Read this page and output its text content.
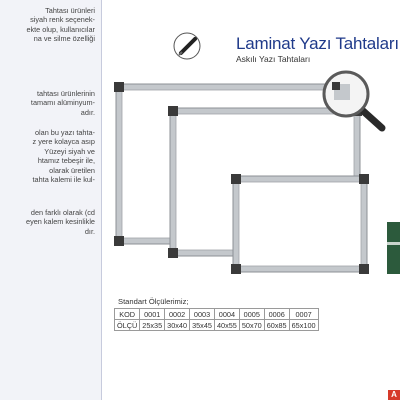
Tahtası ürünleri
siyah renk seçenek-
ekte olup, kullanıcılar
na ve silme özelliği
tahtası ürünlerinin
tamamı alüminyum-
adır.
olan bu yazı tahta-
z yere kolayca asıp
Yüzeyi siyah ve
htamız tebeşir ile,
olarak üretilen
tahta kalemi ile kul-
den farklı olarak (cd
eyen kalem kesinlikle
dır.
Laminat Yazı Tahtaları
Askılı Yazı Tahtaları
Standart Ölçülerimiz;
KOD	0001	0002	0003	0004	0005	0006	0007
ÖLÇÜ	25x35	30x40	35x45	40x55	50x70	60x85	65x100
A
